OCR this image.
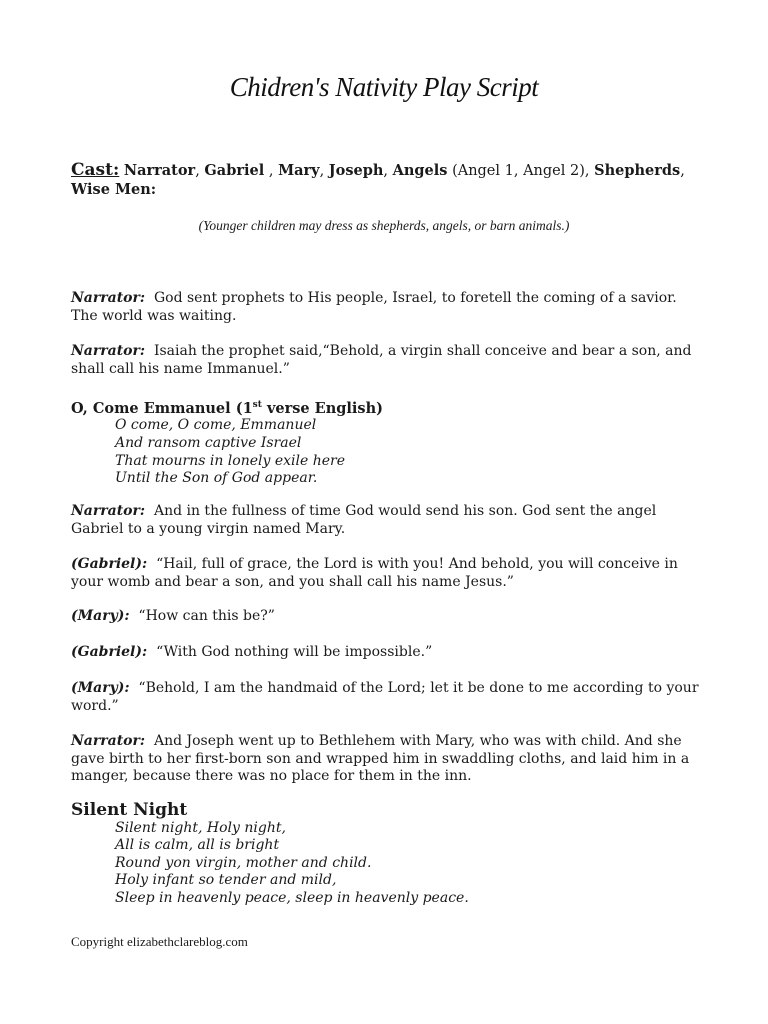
Chidren's Nativity Play Script
Cast: Narrator, Gabriel , Mary, Joseph, Angels (Angel 1, Angel 2), Shepherds,
Wise Men:
(Younger children may dress as shepherds, angels, or barn animals.)
Narrator: God sent prophets to His people, Israel, to foretell the coming of a savior. The world was waiting.
Narrator: Isaiah the prophet said,“Behold, a virgin shall conceive and bear a son, and shall call his name Immanuel.”
O, Come Emmanuel (1st verse English)
O come, O come, Emmanuel
And ransom captive Israel
That mourns in lonely exile here
Until the Son of God appear.
Narrator: And in the fullness of time God would send his son. God sent the angel Gabriel to a young virgin named Mary.
(Gabriel): “Hail, full of grace, the Lord is with you! And behold, you will conceive in your womb and bear a son, and you shall call his name Jesus.”
(Mary): “How can this be?”
(Gabriel): “With God nothing will be impossible.”
(Mary): “Behold, I am the handmaid of the Lord; let it be done to me according to your word.”
Narrator: And Joseph went up to Bethlehem with Mary, who was with child. And she gave birth to her first-born son and wrapped him in swaddling cloths, and laid him in a manger, because there was no place for them in the inn.
Silent Night
Silent night, Holy night,
All is calm, all is bright
Round yon virgin, mother and child.
Holy infant so tender and mild,
Sleep in heavenly peace, sleep in heavenly peace.
Copyright elizabethclareblog.com
